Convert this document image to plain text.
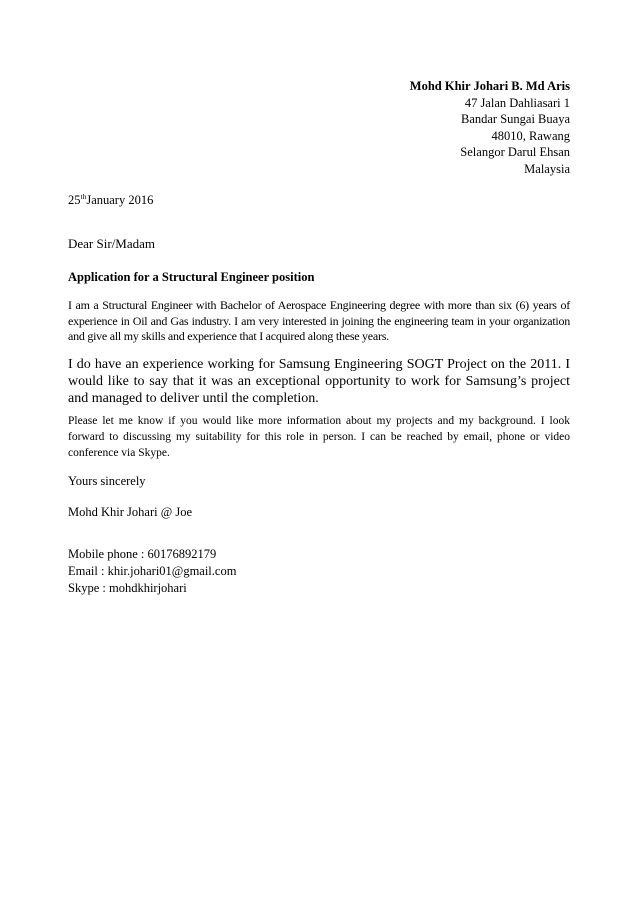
Mohd Khir Johari B. Md Aris
47 Jalan Dahliasari 1
Bandar Sungai Buaya
48010, Rawang
Selangor Darul Ehsan
Malaysia
25thJanuary 2016
Dear Sir/Madam
Application for a Structural Engineer position

I am a Structural Engineer with Bachelor of Aerospace Engineering degree with more than six (6) years of experience in Oil and Gas industry. I am very interested in joining the engineering team in your organization and give all my skills and experience that I acquired along these years.

I do have an experience working for Samsung Engineering SOGT Project on the 2011. I would like to say that it was an exceptional opportunity to work for Samsung’s project and managed to deliver until the completion.

Please let me know if you would like more information about my projects and my background. I look forward to discussing my suitability for this role in person. I can be reached by email, phone or video conference via Skype.

Yours sincerely
Mohd Khir Johari @ Joe
Mobile phone : 60176892179
Email : khir.johari01@gmail.com
Skype : mohdkhirjohari
